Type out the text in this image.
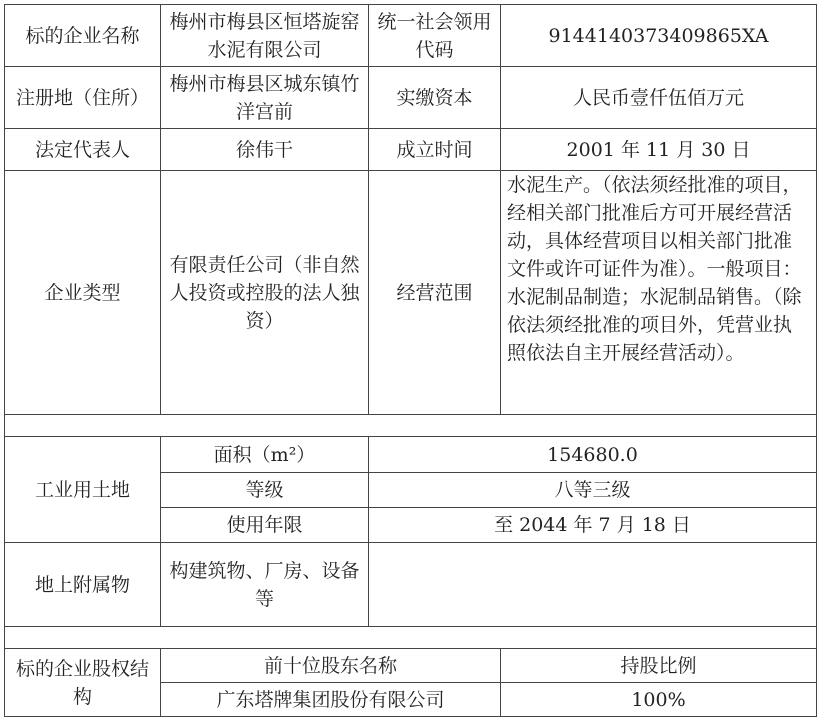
标的企业名称	梅州市梅县区恒塔旋窑水泥有限公司	统一社会领用代码	9144140373409865XA
注册地（住所）	梅州市梅县区城东镇竹洋宫前	实缴资本	人民币壹仟伍佰万元
法定代表人	徐伟干	成立时间	2001 年 11 月 30 日
企业类型	有限责任公司（非自然人投资或控股的法人独资）	经营范围	水泥生产。（依法须经批准的项目，经相关部门批准后方可开展经营活动，具体经营项目以相关部门批准文件或许可证件为准）。一般项目：水泥制品制造；水泥制品销售。（除依法须经批准的项目外，凭营业执照依法自主开展经营活动）。

工业用土地	面积（m²）	154680.0	
	等级	八等三级	
	使用年限	至 2044 年 7 月 18 日	
地上附属物	构建筑物、厂房、设备等		

标的企业股权结构	前十位股东名称		持股比例
	广东塔牌集团股份有限公司		100%
